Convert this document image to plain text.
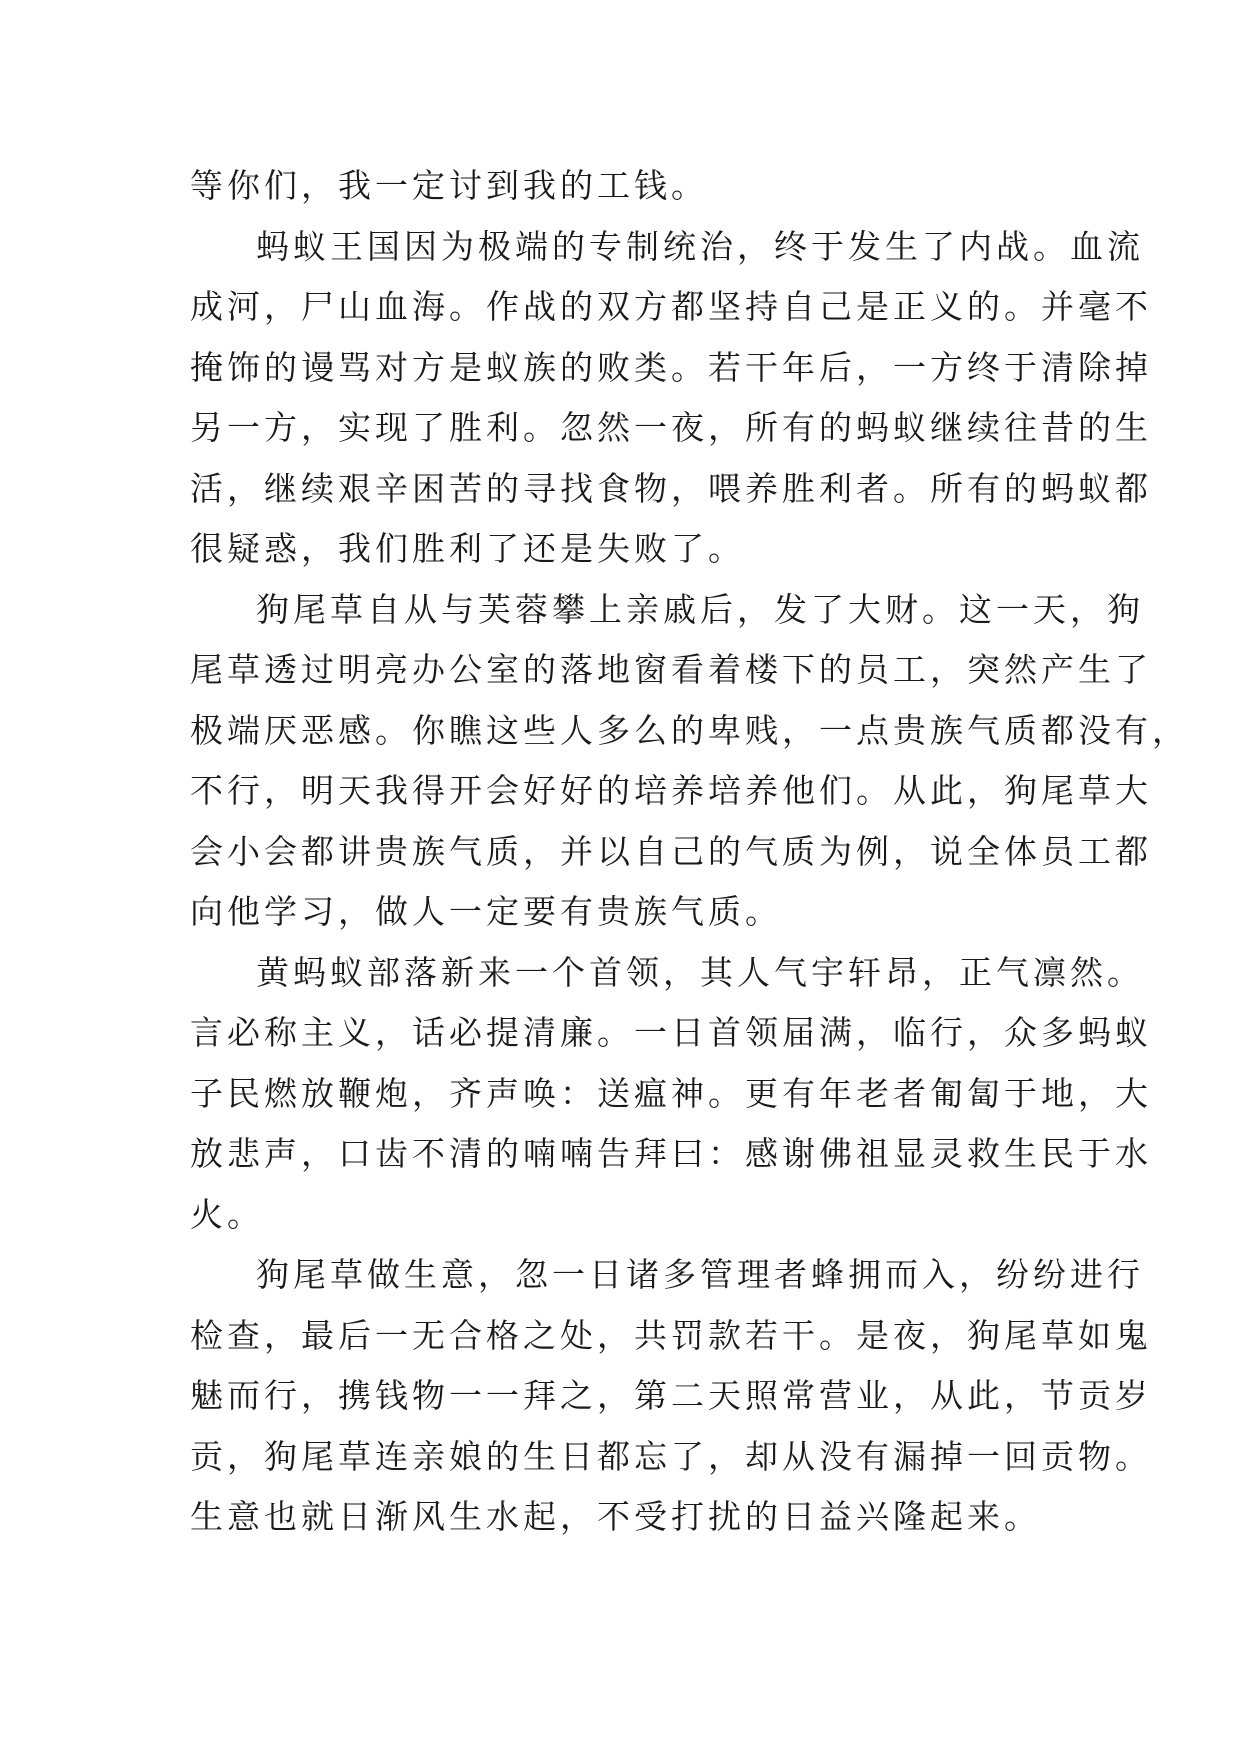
等你们，我一定讨到我的工钱。
蚂蚁王国因为极端的专制统治，终于发生了内战。血流
成河，尸山血海。作战的双方都坚持自己是正义的。并毫不
掩饰的谩骂对方是蚁族的败类。若干年后，一方终于清除掉
另一方，实现了胜利。忽然一夜，所有的蚂蚁继续往昔的生
活，继续艰辛困苦的寻找食物，喂养胜利者。所有的蚂蚁都
很疑惑，我们胜利了还是失败了。
狗尾草自从与芙蓉攀上亲戚后，发了大财。这一天，狗
尾草透过明亮办公室的落地窗看着楼下的员工，突然产生了
极端厌恶感。你瞧这些人多么的卑贱，一点贵族气质都没有，
不行，明天我得开会好好的培养培养他们。从此，狗尾草大
会小会都讲贵族气质，并以自己的气质为例，说全体员工都
向他学习，做人一定要有贵族气质。
黄蚂蚁部落新来一个首领，其人气宇轩昂，正气凛然。
言必称主义，话必提清廉。一日首领届满，临行，众多蚂蚁
子民燃放鞭炮，齐声唤：送瘟神。更有年老者匍匐于地，大
放悲声，口齿不清的喃喃告拜曰：感谢佛祖显灵救生民于水
火。
狗尾草做生意，忽一日诸多管理者蜂拥而入，纷纷进行
检查，最后一无合格之处，共罚款若干。是夜，狗尾草如鬼
魅而行，携钱物一一拜之，第二天照常营业，从此，节贡岁
贡，狗尾草连亲娘的生日都忘了，却从没有漏掉一回贡物。
生意也就日渐风生水起，不受打扰的日益兴隆起来。
